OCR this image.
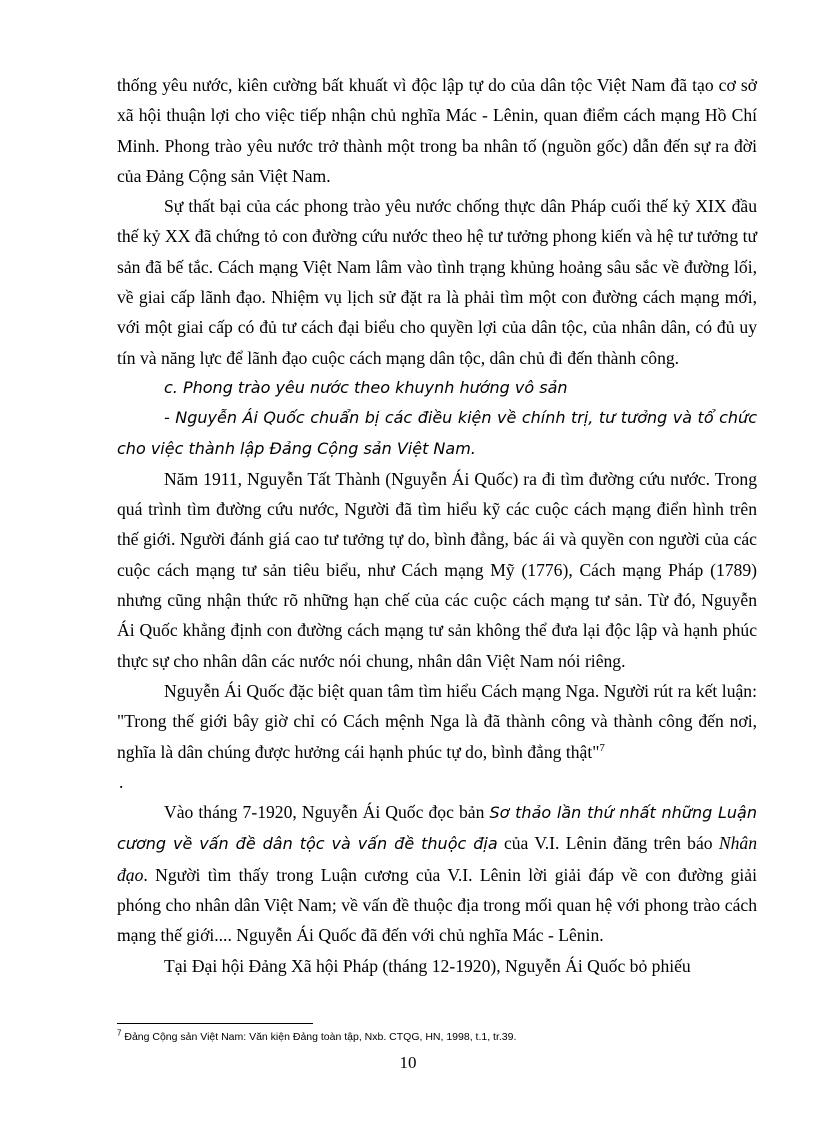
thống yêu nước, kiên cường bất khuất vì độc lập tự do của dân tộc Việt Nam đã tạo cơ sở xã hội thuận lợi cho việc tiếp nhận chủ nghĩa Mác - Lênin, quan điểm cách mạng Hồ Chí Minh. Phong trào yêu nước trở thành một trong ba nhân tố (nguồn gốc) dẫn đến sự ra đời của Đảng Cộng sản Việt Nam.

Sự thất bại của các phong trào yêu nước chống thực dân Pháp cuối thế kỷ XIX đầu thế kỷ XX đã chứng tỏ con đường cứu nước theo hệ tư tưởng phong kiến và hệ tư tưởng tư sản đã bế tắc. Cách mạng Việt Nam lâm vào tình trạng khủng hoảng sâu sắc về đường lối, về giai cấp lãnh đạo. Nhiệm vụ lịch sử đặt ra là phải tìm một con đường cách mạng mới, với một giai cấp có đủ tư cách đại biểu cho quyền lợi của dân tộc, của nhân dân, có đủ uy tín và năng lực để lãnh đạo cuộc cách mạng dân tộc, dân chủ đi đến thành công.

c. Phong trào yêu nước theo khuynh hướng vô sản

- Nguyễn Ái Quốc chuẩn bị các điều kiện về chính trị, tư tưởng và tổ chức cho việc thành lập Đảng Cộng sản Việt Nam.

Năm 1911, Nguyễn Tất Thành (Nguyễn Ái Quốc) ra đi tìm đường cứu nước. Trong quá trình tìm đường cứu nước, Người đã tìm hiểu kỹ các cuộc cách mạng điển hình trên thế giới. Người đánh giá cao tư tưởng tự do, bình đẳng, bác ái và quyền con người của các cuộc cách mạng tư sản tiêu biểu, như Cách mạng Mỹ (1776), Cách mạng Pháp (1789) nhưng cũng nhận thức rõ những hạn chế của các cuộc cách mạng tư sản. Từ đó, Nguyễn Ái Quốc khẳng định con đường cách mạng tư sản không thể đưa lại độc lập và hạnh phúc thực sự cho nhân dân các nước nói chung, nhân dân Việt Nam nói riêng.

Nguyễn Ái Quốc đặc biệt quan tâm tìm hiểu Cách mạng Nga. Người rút ra kết luận: "Trong thế giới bây giờ chỉ có Cách mệnh Nga là đã thành công và thành công đến nơi, nghĩa là dân chúng được hưởng cái hạnh phúc tự do, bình đẳng thật"$^7$

.

Vào tháng 7-1920, Nguyễn Ái Quốc đọc bản Sơ thảo lần thứ nhất những Luận cương về vấn đề dân tộc và vấn đề thuộc địa của V.I. Lênin đăng trên báo Nhân đạo. Người tìm thấy trong Luận cương của V.I. Lênin lời giải đáp về con đường giải phóng cho nhân dân Việt Nam; về vấn đề thuộc địa trong mối quan hệ với phong trào cách mạng thế giới.... Nguyễn Ái Quốc đã đến với chủ nghĩa Mác - Lênin.

Tại Đại hội Đảng Xã hội Pháp (tháng 12-1920), Nguyễn Ái Quốc bỏ phiếu

$^7$ Đảng Cộng sản Việt Nam: Văn kiện Đảng toàn tập, Nxb. CTQG, HN, 1998, t.1, tr.39.
10
